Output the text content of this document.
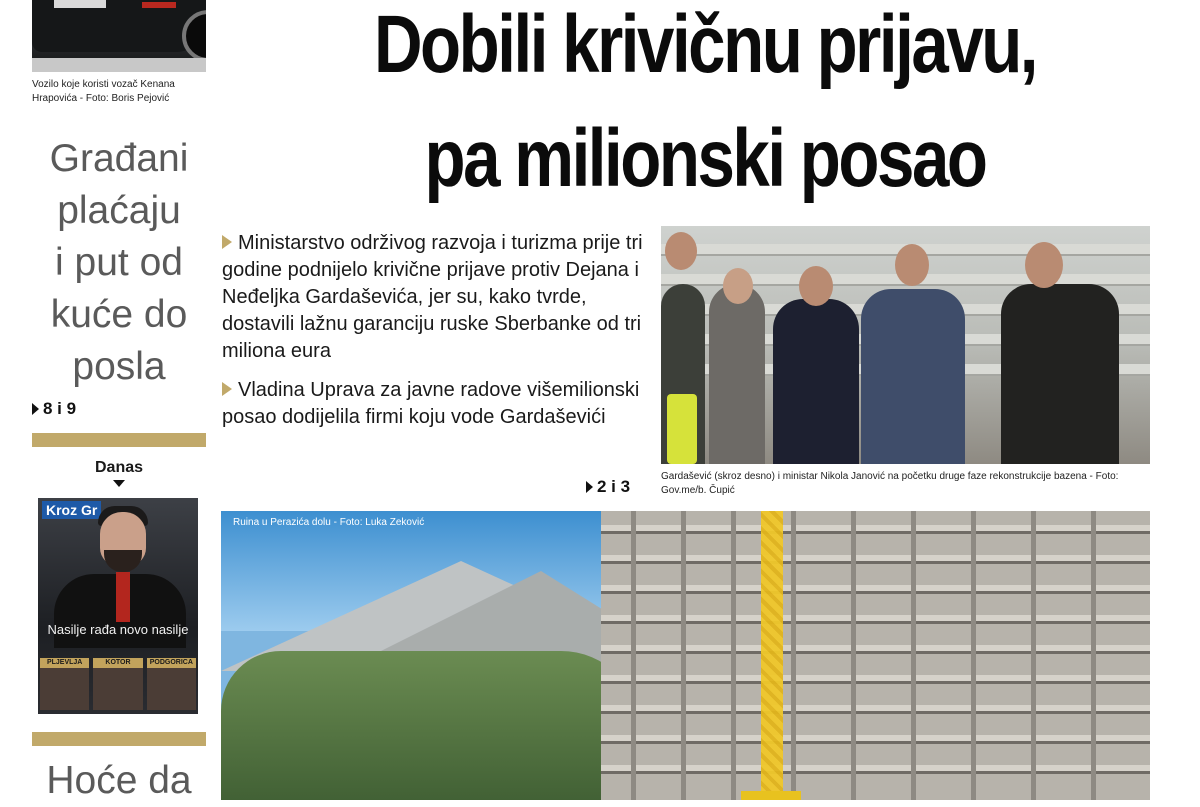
Vozilo koje koristi vozač Kenana Hrapovića - Foto: Boris Pejović
Građani
plaćaju
i put od
kuće do
posla
8 i 9
Danas
Kroz Gr
Nasilje rađa novo nasilje
PLJEVLJA	KOTOR	PODGORICA
Hoće da
Dobili krivičnu prijavu,
pa milionski posao
Ministarstvo održivog razvoja i turizma prije tri godine podnijelo krivične prijave protiv Dejana i Neđeljka Gardaševića, jer su, kako tvrde, dostavili lažnu garanciju ruske Sberbanke od tri miliona eura
Vladina Uprava za javne radove višemilionski posao dodijelila firmi koju vode Gardaševići
2 i 3
Gardašević (skroz desno) i ministar Nikola Janović na početku druge faze rekonstrukcije bazena - Foto: Gov.me/b. Čupić
Ruina u Perazića dolu - Foto: Luka Zeković
